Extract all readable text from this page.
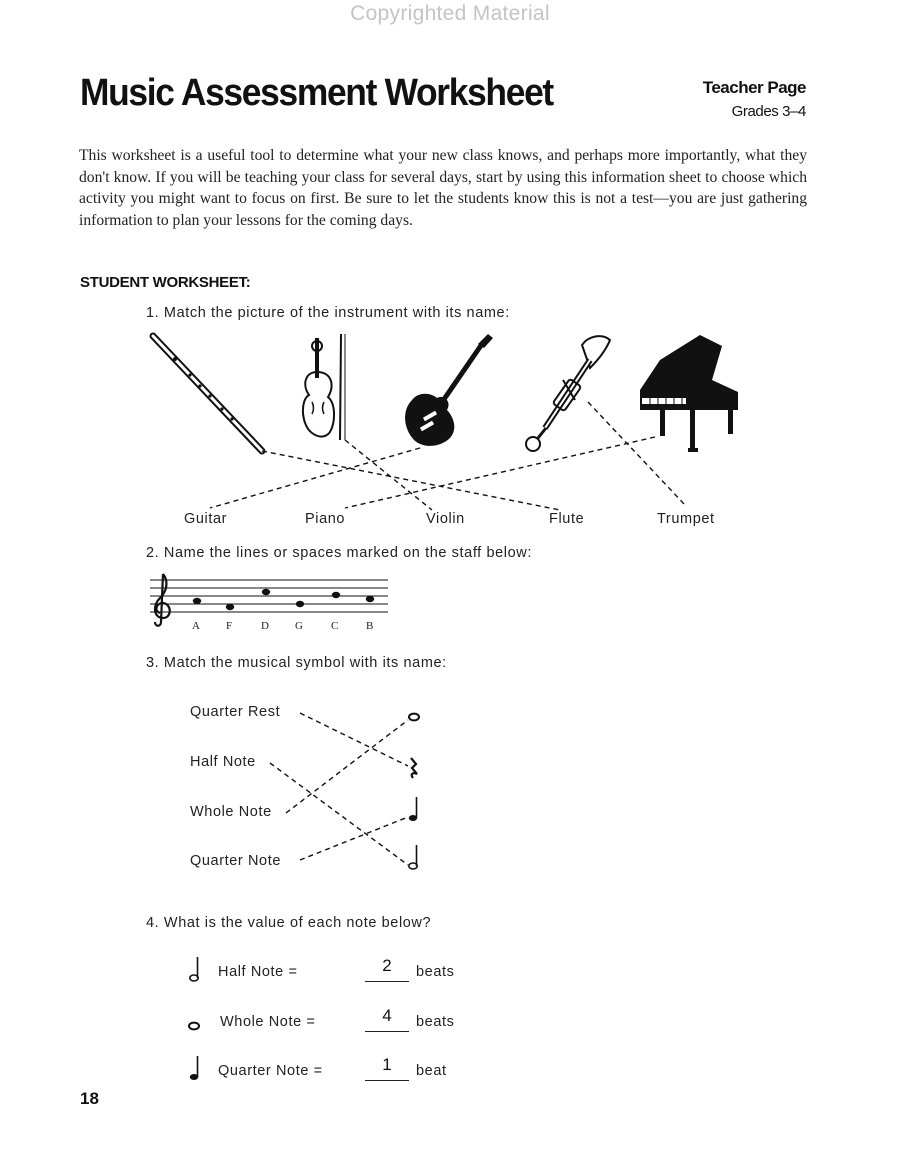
Copyrighted Material
Music Assessment Worksheet	Teacher Page
Grades 3–4
This worksheet is a useful tool to determine what your new class knows, and perhaps more importantly, what they don't know. If you will be teaching your class for several days, start by using this information sheet to choose which activity you might want to focus on first. Be sure to let the students know this is not a test—you are just gathering information to plan your lessons for the coming days.
STUDENT WORKSHEET:
1. Match the picture of the instrument with its name:
Guitar	Piano	Violin	Flute	Trumpet
2. Name the lines or spaces marked on the staff below:
A F	D G	C	B
3. Match the musical symbol with its name:
Quarter Rest
Half Note
Whole Note
Quarter Note
4. What is the value of each note below?
Half Note =	2	beats
Whole Note =	4	beats
Quarter Note =	1	beat
18
